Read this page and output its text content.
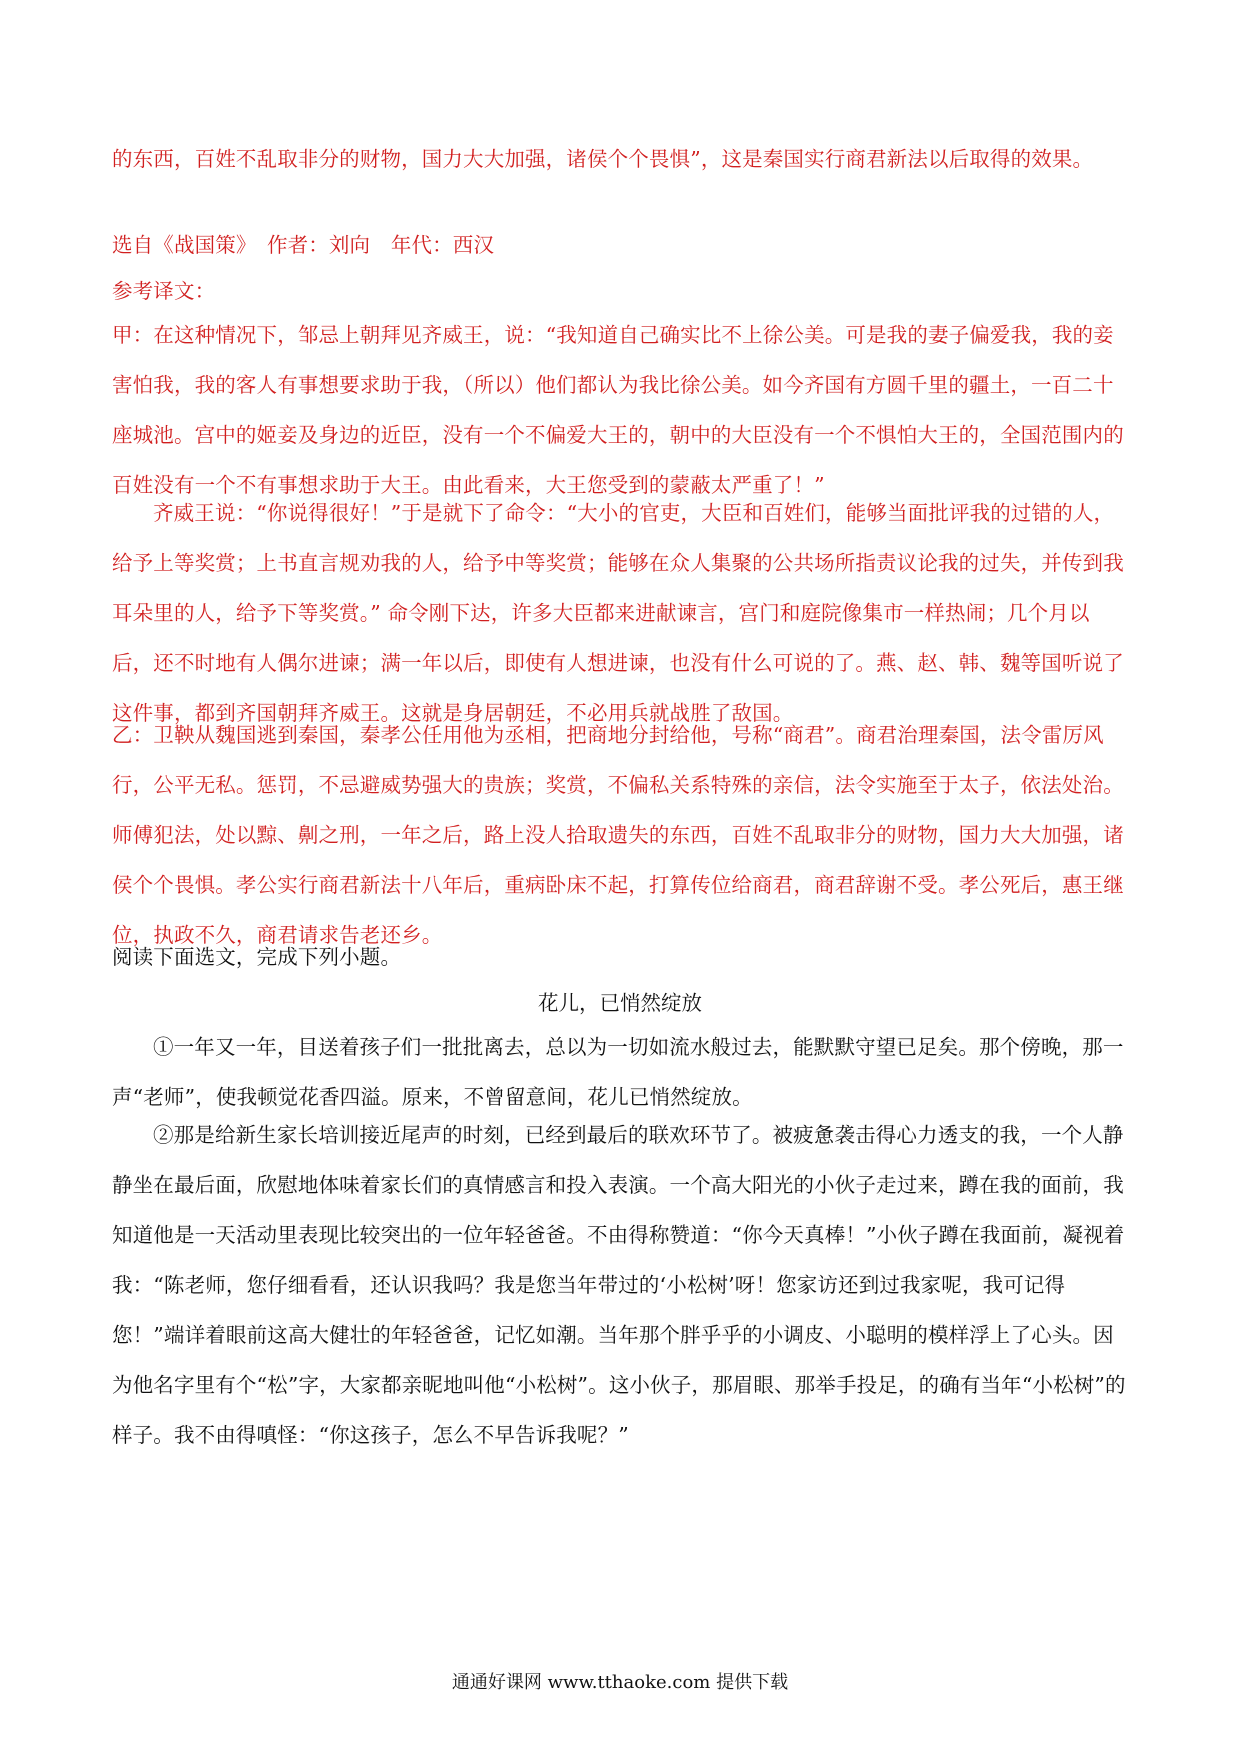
的东西，百姓不乱取非分的财物，国力大大加强，诸侯个个畏惧”，这是秦国实行商君新法以后取得的效果。
选自《战国策》　作者：刘向　年代：西汉
参考译文：
甲：在这种情况下，邹忌上朝拜见齐威王，说：“我知道自己确实比不上徐公美。可是我的妻子偏爱我，我的妾害怕我，我的客人有事想要求助于我，（所以）他们都认为我比徐公美。如今齐国有方圆千里的疆土，一百二十座城池。宫中的姬妾及身边的近臣，没有一个不偏爱大王的，朝中的大臣没有一个不惧怕大王的，全国范围内的百姓没有一个不有事想求助于大王。由此看来，大王您受到的蒙蔽太严重了！”
齐威王说：“你说得很好！”于是就下了命令：“大小的官吏，大臣和百姓们，能够当面批评我的过错的人，给予上等奖赏；上书直言规劝我的人，给予中等奖赏；能够在众人集聚的公共场所指责议论我的过失，并传到我耳朵里的人，给予下等奖赏。” 命令刚下达，许多大臣都来进献谏言，宫门和庭院像集市一样热闹；几个月以后，还不时地有人偶尔进谏；满一年以后，即使有人想进谏，也没有什么可说的了。燕、赵、韩、魏等国听说了这件事，都到齐国朝拜齐威王。这就是身居朝廷，不必用兵就战胜了敌国。
乙：卫鞅从魏国逃到秦国，秦孝公任用他为丞相，把商地分封给他，号称“商君”。商君治理秦国，法令雷厉风行，公平无私。惩罚，不忌避威势强大的贵族；奖赏，不偏私关系特殊的亲信，法令实施至于太子，依法处治。师傅犯法，处以黥、劓之刑，一年之后，路上没人拾取遗失的东西，百姓不乱取非分的财物，国力大大加强，诸侯个个畏惧。孝公实行商君新法十八年后，重病卧床不起，打算传位给商君，商君辞谢不受。孝公死后，惠王继位，执政不久，商君请求告老还乡。
阅读下面选文，完成下列小题。
花儿，已悄然绽放
①一年又一年，目送着孩子们一批批离去，总以为一切如流水般过去，能默默守望已足矣。那个傍晚，那一声“老师”，使我顿觉花香四溢。原来，不曾留意间，花儿已悄然绽放。
②那是给新生家长培训接近尾声的时刻，已经到最后的联欢环节了。被疲惫袭击得心力透支的我，一个人静静坐在最后面，欣慰地体味着家长们的真情感言和投入表演。一个高大阳光的小伙子走过来，蹲在我的面前，我知道他是一天活动里表现比较突出的一位年轻爸爸。不由得称赞道：“你今天真棒！”小伙子蹲在我面前，凝视着我：“陈老师，您仔细看看，还认识我吗？我是您当年带过的‘小松树’呀！您家访还到过我家呢，我可记得您！”端详着眼前这高大健壮的年轻爸爸，记忆如潮。当年那个胖乎乎的小调皮、小聪明的模样浮上了心头。因为他名字里有个“松”字，大家都亲昵地叫他“小松树”。这小伙子，那眉眼、那举手投足，的确有当年“小松树”的样子。我不由得嗔怪：“你这孩子，怎么不早告诉我呢？”
通通好课网 www.tthaoke.com 提供下载
